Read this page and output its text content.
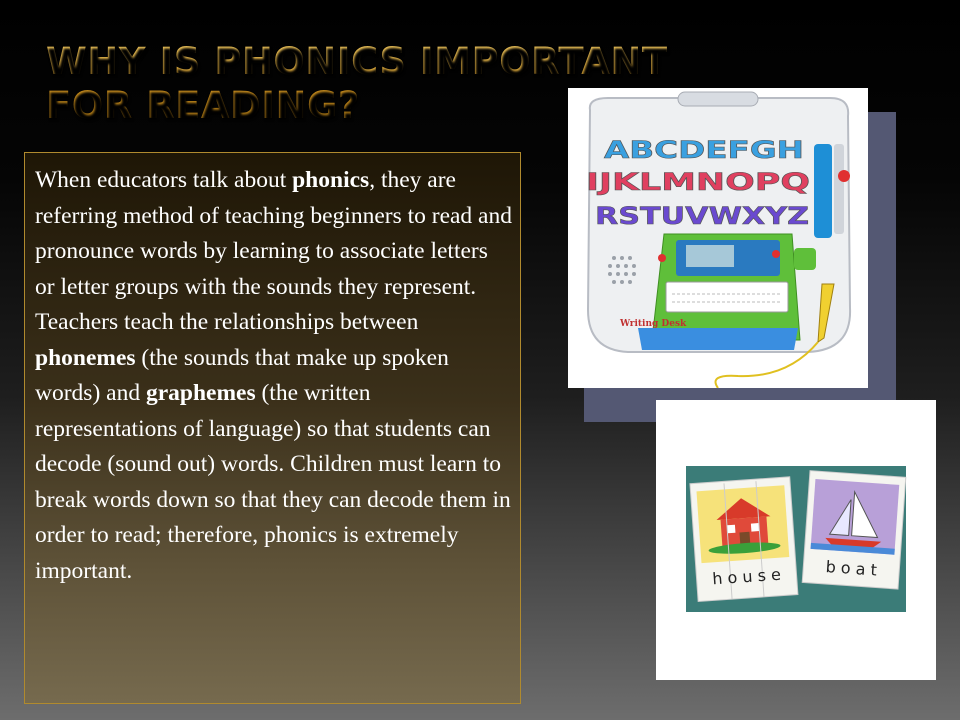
WHY IS PHONICS IMPORTANT FOR READING?

When educators talk about phonics, they are referring method of teaching beginners to read and pronounce words by learning to associate letters or letter groups with the sounds they represent. Teachers teach the relationships between phonemes (the sounds that make up spoken words) and graphemes (the written representations of language) so that students can decode (sound out) words. Children must learn to break words down so that they can decode them in order to read; therefore, phonics is extremely important.

ABCDEFGH
IJKLMNOPQ
RSTUVWXYZ
Writing Desk
h o u s e	b o a t
